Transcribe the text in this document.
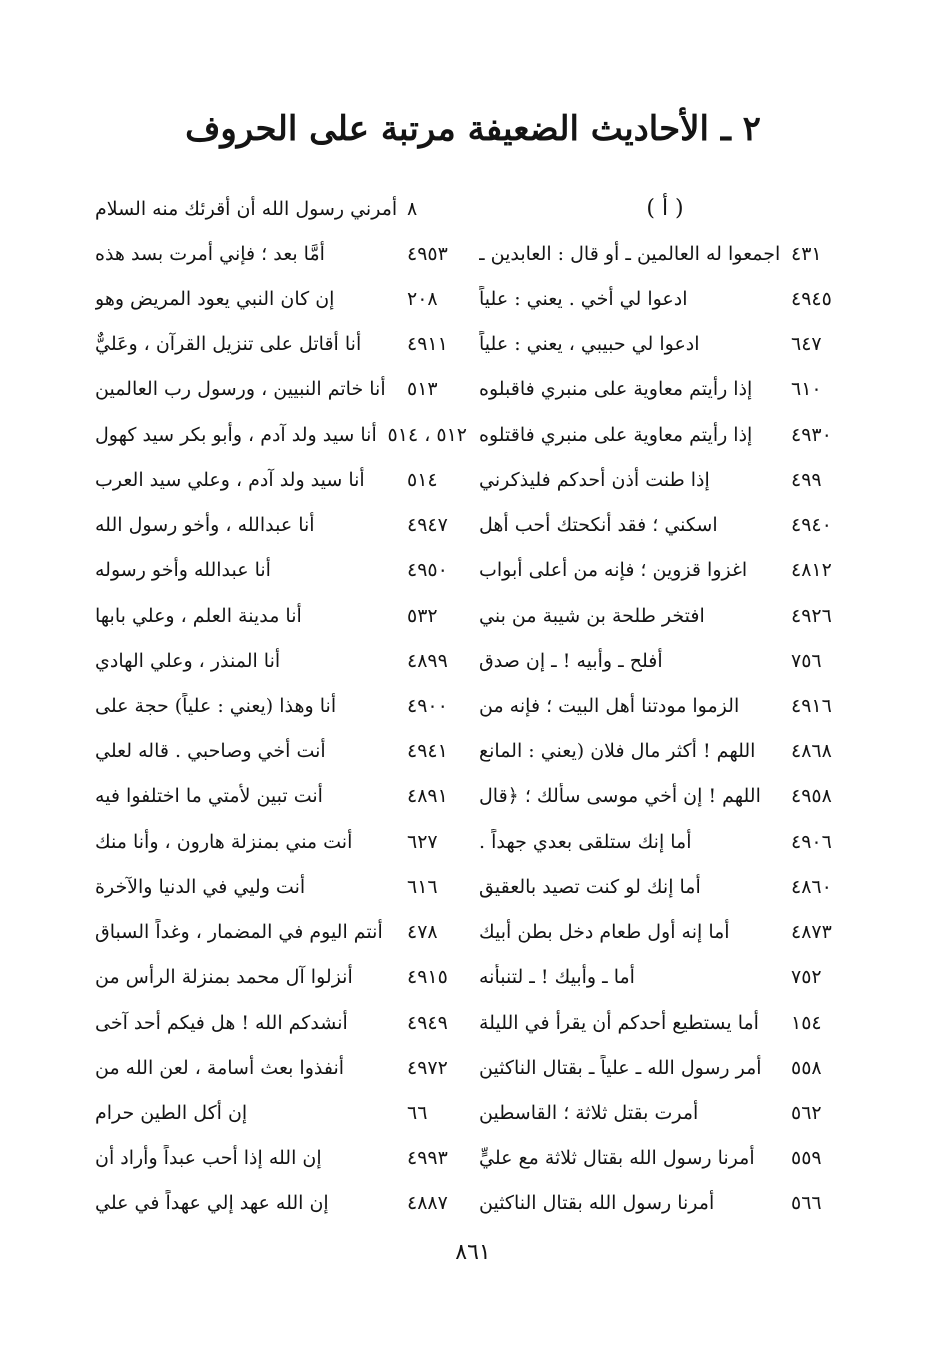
٢ ـ الأحاديث الضعيفة مرتبة على الحروف
( أ )
اجمعوا له العالمين ـ أو قال : العابدين ـ ٤٣١
ادعوا لي أخي . يعني : علياً	٤٩٤٥
ادعوا لي حبيبي ، يعني : علياً	٦٤٧
إذا رأيتم معاوية على منبري فاقبلوه ٦١٠
إذا رأيتم معاوية على منبري فاقتلوه ٤٩٣٠
إذا طنت أذن أحدكم فليذكرني	٤٩٩
اسكني ؛ فقد أنكحتك أحب أهل	٤٩٤٠
اغزوا قزوين ؛ فإنه من أعلى أبواب ٤٨١٢
افتخر طلحة بن شيبة من بني	٤٩٢٦
أفلح ـ وأبيه ! ـ إن صدق	٧٥٦
الزموا مودتنا أهل البيت ؛ فإنه من	٤٩١٦
اللهم ! أكثر مال فلان (يعني : المانع ٤٨٦٨
اللهم ! إن أخي موسى سألك ؛ ﴿قال ٤٩٥٨
أما إنك ستلقى بعدي جهداً .	٤٩٠٦
أما إنك لو كنت تصيد بالعقيق	٤٨٦٠
أما إنه أول طعام دخل بطن أبيك	٤٨٧٣
أما ـ وأبيك ! ـ لتنبأنه	٧٥٢
أما يستطيع أحدكم أن يقرأ في الليلة ١٥٤
أمر رسول الله ـ علياً ـ بقتال الناكثين ٥٥٨
أمرت بقتل ثلاثة ؛ القاسطين	٥٦٢
أمرنا رسول الله بقتال ثلاثة مع عليٍّ ٥٥٩
أمرنا رسول الله بقتال الناكثين	٥٦٦
أمرني رسول الله أن أقرئك منه السلام ٨
أمَّا بعد ؛ فإني أمرت بسد هذه	٤٩٥٣
إن كان النبي يعود المريض وهو	٢٠٨
أنا أقاتل على تنزيل القرآن ، وعَليٌّ ٤٩١١
أنا خاتم النبيين ، ورسول رب العالمين ٥١٣
أنا سيد ولد آدم ، وأبو بكر سيد كهول ٥١٢ ، ٥١٤
أنا سيد ولد آدم ، وعلي سيد العرب ٥١٤
أنا عبدالله ، وأخو رسول الله	٤٩٤٧
أنا عبدالله وأخو رسوله	٤٩٥٠
أنا مدينة العلم ، وعلي بابها	٥٣٢
أنا المنذر ، وعلي الهادي	٤٨٩٩
أنا وهذا (يعني : علياً) حجة على	٤٩٠٠
أنت أخي وصاحبي . قاله لعلي	٤٩٤١
أنت تبين لأمتي ما اختلفوا فيه	٤٨٩١
أنت مني بمنزلة هارون ، وأنا منك	٦٢٧
أنت وليي في الدنيا والآخرة	٦١٦
أنتم اليوم في المضمار ، وغداً السباق ٤٧٨
أنزلوا آل محمد بمنزلة الرأس من	٤٩١٥
أنشدكم الله ! هل فيكم أحد آخى	٤٩٤٩
أنفذوا بعث أسامة ، لعن الله من	٤٩٧٢
إن أكل الطين حرام	٦٦
إن الله إذا أحب عبداً وأراد أن	٤٩٩٣
إن الله عهد إلي عهداً في علي	٤٨٨٧
٨٦١
